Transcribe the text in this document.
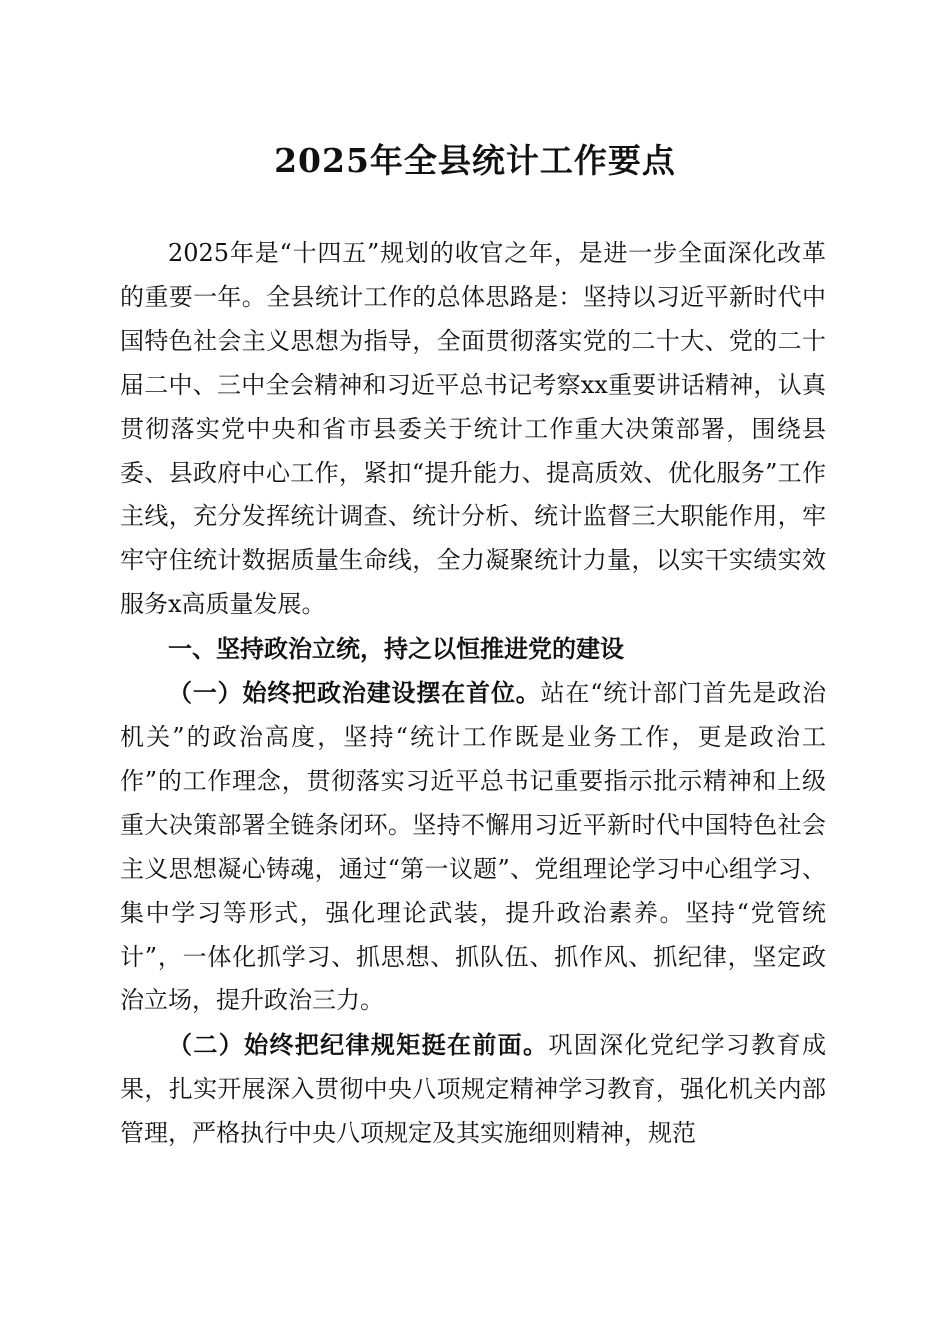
2025年全县统计工作要点

2025年是“十四五”规划的收官之年，是进一步全面深化改革的重要一年。全县统计工作的总体思路是：坚持以习近平新时代中国特色社会主义思想为指导，全面贯彻落实党的二十大、党的二十届二中、三中全会精神和习近平总书记考察xx重要讲话精神，认真贯彻落实党中央和省市县委关于统计工作重大决策部署，围绕县委、县政府中心工作，紧扣“提升能力、提高质效、优化服务”工作主线，充分发挥统计调查、统计分析、统计监督三大职能作用，牢牢守住统计数据质量生命线，全力凝聚统计力量，以实干实绩实效服务x高质量发展。

一、坚持政治立统，持之以恒推进党的建设

（一）始终把政治建设摆在首位。站在“统计部门首先是政治机关”的政治高度，坚持“统计工作既是业务工作，更是政治工作”的工作理念，贯彻落实习近平总书记重要指示批示精神和上级重大决策部署全链条闭环。坚持不懈用习近平新时代中国特色社会主义思想凝心铸魂，通过“第一议题”、党组理论学习中心组学习、集中学习等形式，强化理论武装，提升政治素养。坚持“党管统计”，一体化抓学习、抓思想、抓队伍、抓作风、抓纪律，坚定政治立场，提升政治三力。

（二）始终把纪律规矩挺在前面。巩固深化党纪学习教育成果，扎实开展深入贯彻中央八项规定精神学习教育，强化机关内部管理，严格执行中央八项规定及其实施细则精神，规范
